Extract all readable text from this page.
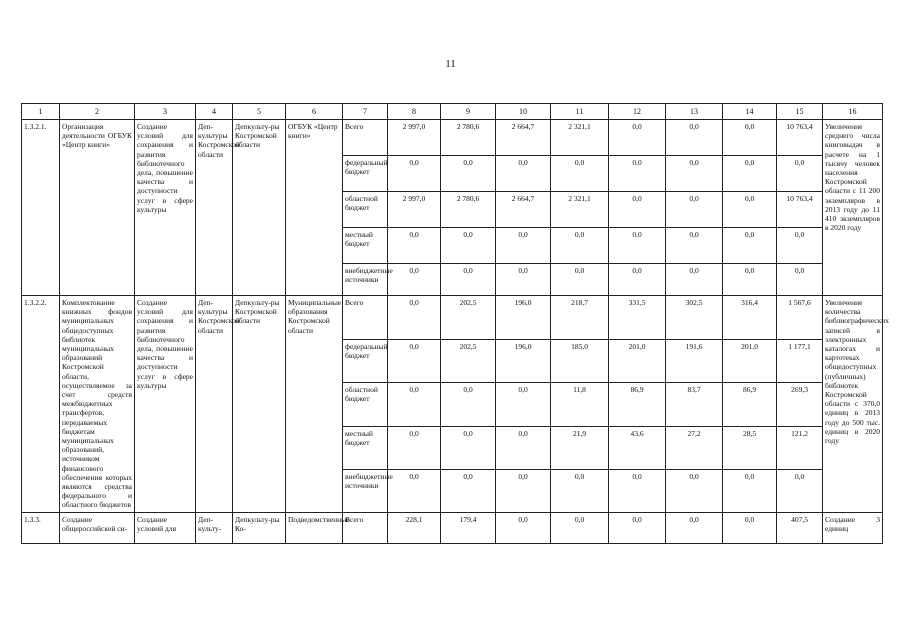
11
1	2	3	4	5	6	7	8	9	10	11	12	13	14	15	16
1.3.2.1.	Организация деятельности ОГБУК «Центр книги»	Создание условий для сохранения и развития библиотечного дела, повышение качества и доступности услуг в сфере культуры	Деп-культуры Костромской области	Депкульту-ры Костромской области	ОГБУК «Центр книги»	Всего	2 997,0	2 780,6	2 664,7	2 321,1	0,0	0,0	0,0	10 763,4	Увеличение среднего числа книговыдач в расчете на 1 тысячу человек населения Костромской области с 11 200 экземпляров в 2013 году до 11 410 экземпляров в 2020 году
						федеральный бюджет	0,0	0,0	0,0	0,0	0,0	0,0	0,0	0,0	
						областной бюджет	2 997,0	2 780,6	2 664,7	2 321,1	0,0	0,0	0,0	10 763,4	
						местный бюджет	0,0	0,0	0,0	0,0	0,0	0,0	0,0	0,0	
						внебюджетные источники	0,0	0,0	0,0	0,0	0,0	0,0	0,0	0,0	
1.3.2.2.	Комплектование книжных фондов муниципальных общедоступных библиотек муниципальных образований Костромской области, осуществляемое за счет средств межбюджетных трансфертов, передаваемых бюджетам муниципальных образований, источником финансового обеспечения которых являются средства федерального и областного бюджетов	Создание условий для сохранения и развития библиотечного дела, повышение качества и доступности услуг в сфере культуры	Деп-культуры Костромской области	Депкульту-ры Костромской области	Муниципальные образования Костромской области	Всего	0,0	202,5	196,0	218,7	331,5	302,5	316,4	1 567,6	Увеличение количества библиографических записей в электронных каталогах и картотеках общедоступных (публичных) библиотек Костромской области с 370,0 единиц в 2013 году до 500 тыс. единиц в 2020 году
						федеральный бюджет	0,0	202,5	196,0	185,0	201,0	191,6	201,0	1 177,1	
						областной бюджет	0,0	0,0	0,0	11,8	86,9	83,7	86,9	269,3	
						местный бюджет	0,0	0,0	0,0	21,9	43,6	27,2	28,5	121,2	
						внебюджетные источники	0,0	0,0	0,0	0,0	0,0	0,0	0,0	0,0	
1.3.3.	Создание общероссийской си-	Создание условий для	Деп-культу-	Депкульту-ры Ко-	Подведомственные	Всего	228,1	179,4	0,0	0,0	0,0	0,0	0,0	407,5	Создание 3 единиц
